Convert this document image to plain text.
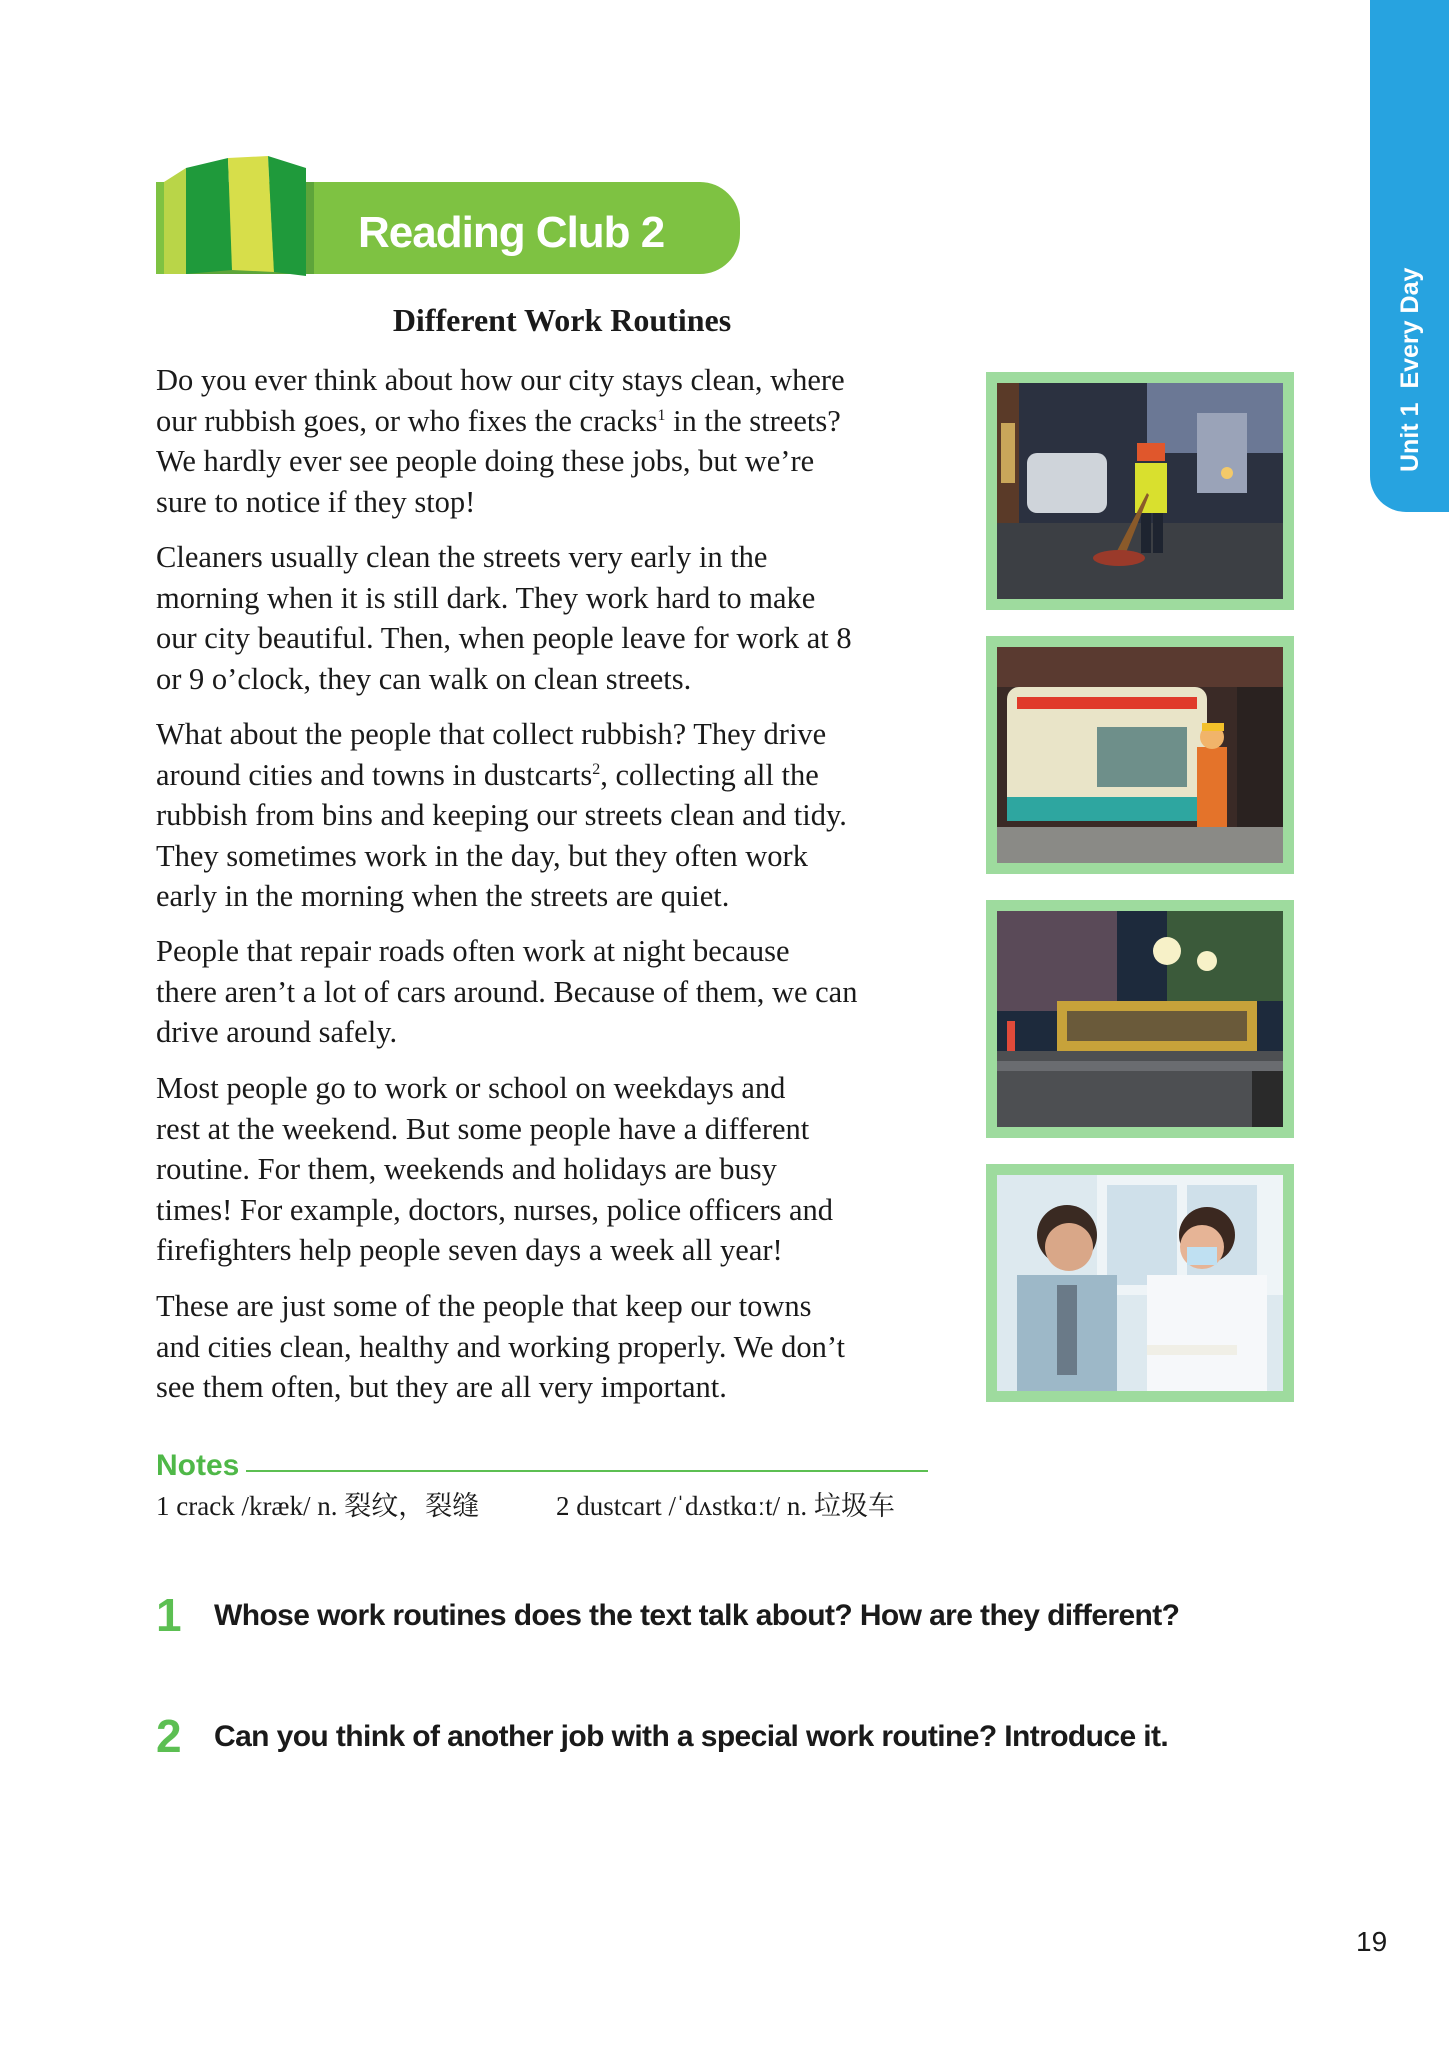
Unit 1Every Day
Reading Club 2
Different Work Routines

Do you ever think about how our city stays clean, where
our rubbish goes, or who fixes the cracks$^1$ in the streets?
We hardly ever see people doing these jobs, but we’re
sure to notice if they stop!

Cleaners usually clean the streets very early in the
morning when it is still dark. They work hard to make
our city beautiful. Then, when people leave for work at 8
or 9 o’clock, they can walk on clean streets.

What about the people that collect rubbish? They drive
around cities and towns in dustcarts$^2$, collecting all the
rubbish from bins and keeping our streets clean and tidy.
They sometimes work in the day, but they often work
early in the morning when the streets are quiet.

People that repair roads often work at night because
there aren’t a lot of cars around. Because of them, we can
drive around safely.

Most people go to work or school on weekdays and
rest at the weekend. But some people have a different
routine. For them, weekends and holidays are busy
times! For example, doctors, nurses, police officers and
firefighters help people seven days a week all year!

These are just some of the people that keep our towns
and cities clean, healthy and working properly. We don’t
see them often, but they are all very important.

Notes
1 crack /kræk/ n. 裂纹，裂缝	2 dustcart /ˈdʌstkɑːt/ n. 垃圾车
1 Whose work routines does the text talk about? How are they different?
2 Can you think of another job with a special work routine? Introduce it.
19
